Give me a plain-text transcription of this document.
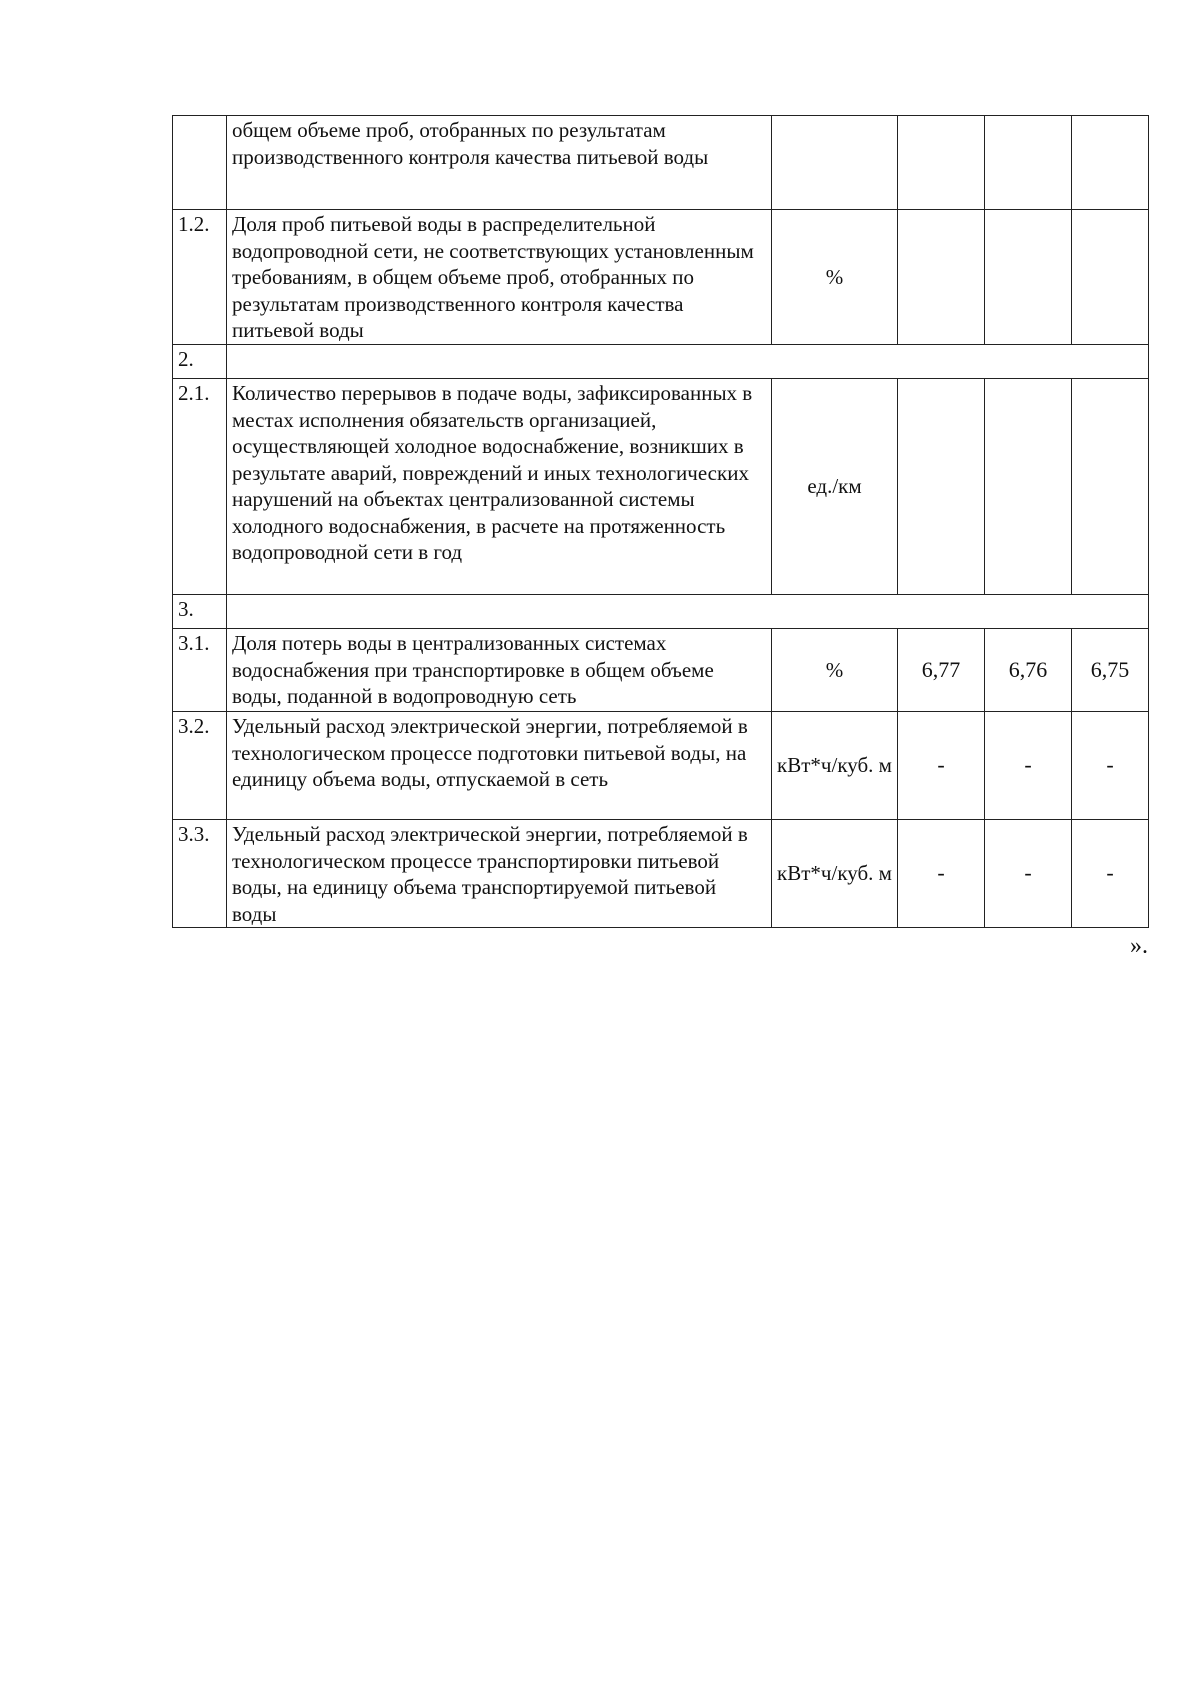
	общем объеме проб, отобранных по результатам производственного контроля качества питьевой воды				
1.2.	Доля проб питьевой воды в распределительной водопроводной сети, не соответствующих установленным требованиям, в общем объеме проб, отобранных по результатам производственного контроля качества питьевой воды	%			
2.					
2.1.	Количество перерывов в подаче воды, зафиксированных в местах исполнения обязательств организацией, осуществляющей холодное водоснабжение, возникших в результате аварий, повреждений и иных технологических нарушений на объектах централизованной системы холодного водоснабжения, в расчете на протяженность водопроводной сети в год	ед./км			
3.					
3.1.	Доля потерь воды в централизованных системах водоснабжения при транспортировке в общем объеме воды, поданной в водопроводную сеть	%	6,77	6,76	6,75
3.2.	Удельный расход электрической энергии, потребляемой в технологическом процессе подготовки питьевой воды, на единицу объема воды, отпускаемой в сеть	кВт*ч/куб. м	-	-	-
3.3.	Удельный расход электрической энергии, потребляемой в технологическом процессе транспортировки питьевой воды, на единицу объема транспортируемой питьевой воды	кВт*ч/куб. м	-	-	-
».
